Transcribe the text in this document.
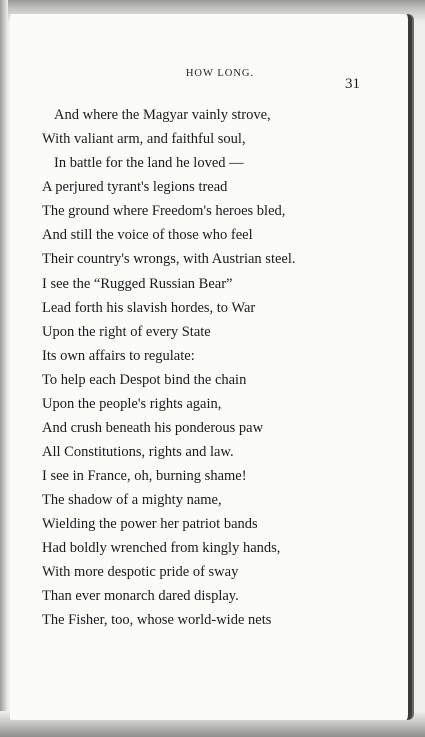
HOW LONG.
31
And where the Magyar vainly strove,
With valiant arm, and faithful soul,
In battle for the land he loved —
A perjured tyrant's legions tread
The ground where Freedom's heroes bled,
And still the voice of those who feel
Their country's wrongs, with Austrian steel.
I see the “Rugged Russian Bear”
Lead forth his slavish hordes, to War
Upon the right of every State
Its own affairs to regulate:
To help each Despot bind the chain
Upon the people's rights again,
And crush beneath his ponderous paw
All Constitutions, rights and law.
I see in France, oh, burning shame!
The shadow of a mighty name,
Wielding the power her patriot bands
Had boldly wrenched from kingly hands,
With more despotic pride of sway
Than ever monarch dared display.
The Fisher, too, whose world-wide nets
